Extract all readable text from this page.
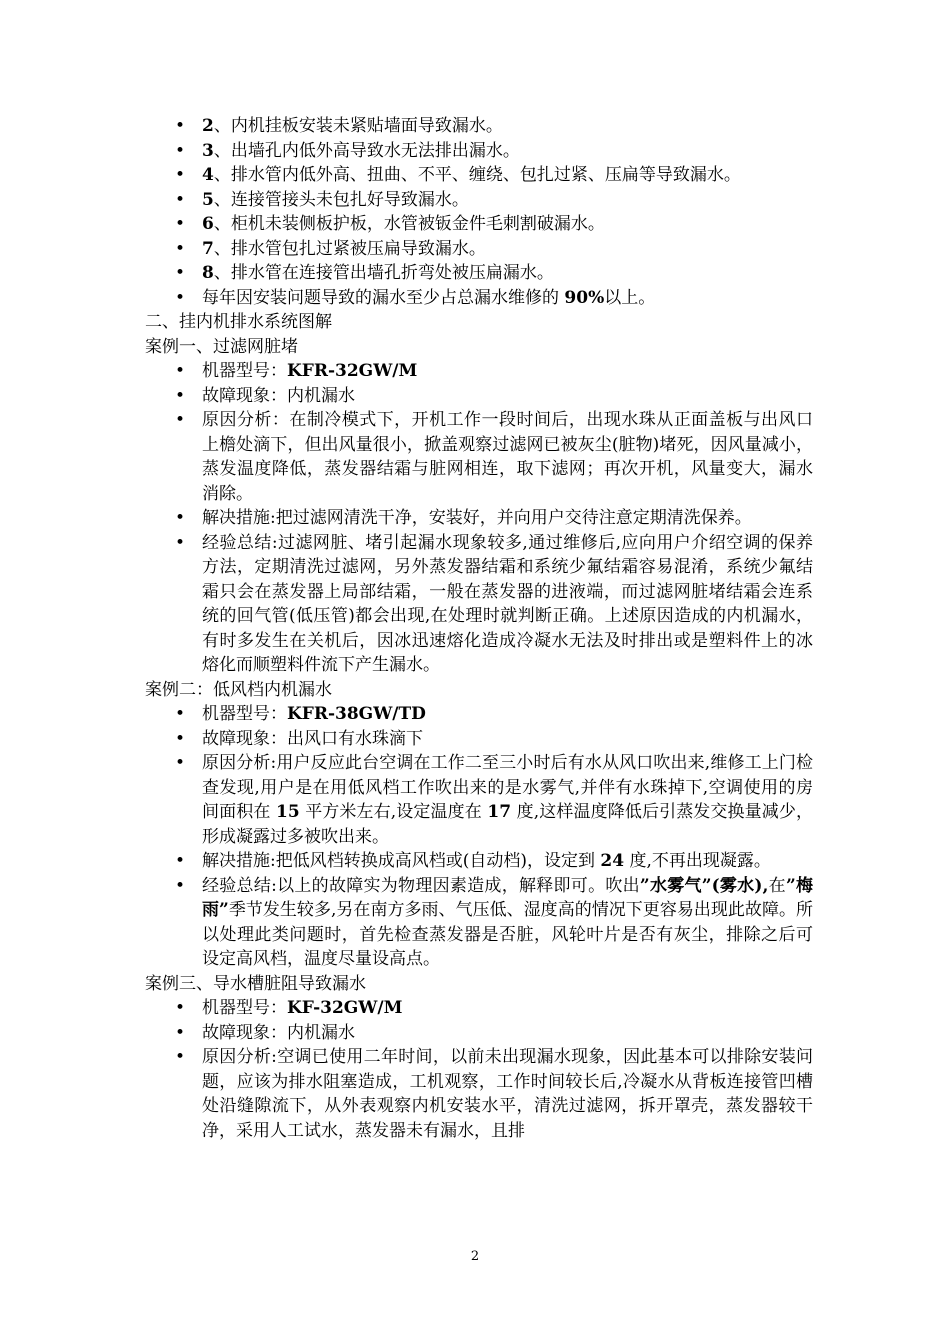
• 2、内机挂板安装未紧贴墙面导致漏水。
• 3、出墙孔内低外高导致水无法排出漏水。
• 4、排水管内低外高、扭曲、不平、缠绕、包扎过紧、压扁等导致漏水。
• 5、连接管接头未包扎好导致漏水。
• 6、柜机未装侧板护板，水管被钣金件毛刺割破漏水。
• 7、排水管包扎过紧被压扁导致漏水。
• 8、排水管在连接管出墙孔折弯处被压扁漏水。
• 每年因安装问题导致的漏水至少占总漏水维修的 90%以上。
二、挂内机排水系统图解
案例一、过滤网脏堵
• 机器型号：KFR-32GW/M
• 故障现象：内机漏水
• 原因分析：在制冷模式下，开机工作一段时间后，出现水珠从正面盖板与出风口上檐处滴下，但出风量很小，掀盖观察过滤网已被灰尘(脏物)堵死，因风量减小，蒸发温度降低，蒸发器结霜与脏网相连，取下滤网；再次开机，风量变大，漏水消除。
• 解决措施:把过滤网清洗干净，安装好，并向用户交待注意定期清洗保养。
• 经验总结:过滤网脏、堵引起漏水现象较多,通过维修后,应向用户介绍空调的保养方法，定期清洗过滤网，另外蒸发器结霜和系统少氟结霜容易混淆，系统少氟结霜只会在蒸发器上局部结霜，一般在蒸发器的进液端，而过滤网脏堵结霜会连系统的回气管(低压管)都会出现,在处理时就判断正确。上述原因造成的内机漏水，有时多发生在关机后，因冰迅速熔化造成冷凝水无法及时排出或是塑料件上的冰熔化而顺塑料件流下产生漏水。
案例二：低风档内机漏水
• 机器型号：KFR-38GW/TD
• 故障现象：出风口有水珠滴下
• 原因分析:用户反应此台空调在工作二至三小时后有水从风口吹出来,维修工上门检查发现,用户是在用低风档工作吹出来的是水雾气,并伴有水珠掉下,空调使用的房间面积在 15 平方米左右,设定温度在 17 度,这样温度降低后引蒸发交换量减少，形成凝露过多被吹出来。
• 解决措施:把低风档转换成高风档或(自动档)，设定到 24 度,不再出现凝露。
• 经验总结:以上的故障实为物理因素造成，解释即可。吹出”水雾气”(雾水),在”梅雨”季节发生较多,另在南方多雨、气压低、湿度高的情况下更容易出现此故障。所以处理此类问题时，首先检查蒸发器是否脏，风轮叶片是否有灰尘，排除之后可设定高风档，温度尽量设高点。
案例三、导水槽脏阻导致漏水
• 机器型号：KF-32GW/M
• 故障现象：内机漏水
• 原因分析:空调已使用二年时间，以前未出现漏水现象，因此基本可以排除安装问题，应该为排水阻塞造成，工机观察，工作时间较长后,冷凝水从背板连接管凹槽处沿缝隙流下，从外表观察内机安装水平，清洗过滤网，拆开罩壳，蒸发器较干净，采用人工试水，蒸发器未有漏水，且排
2
